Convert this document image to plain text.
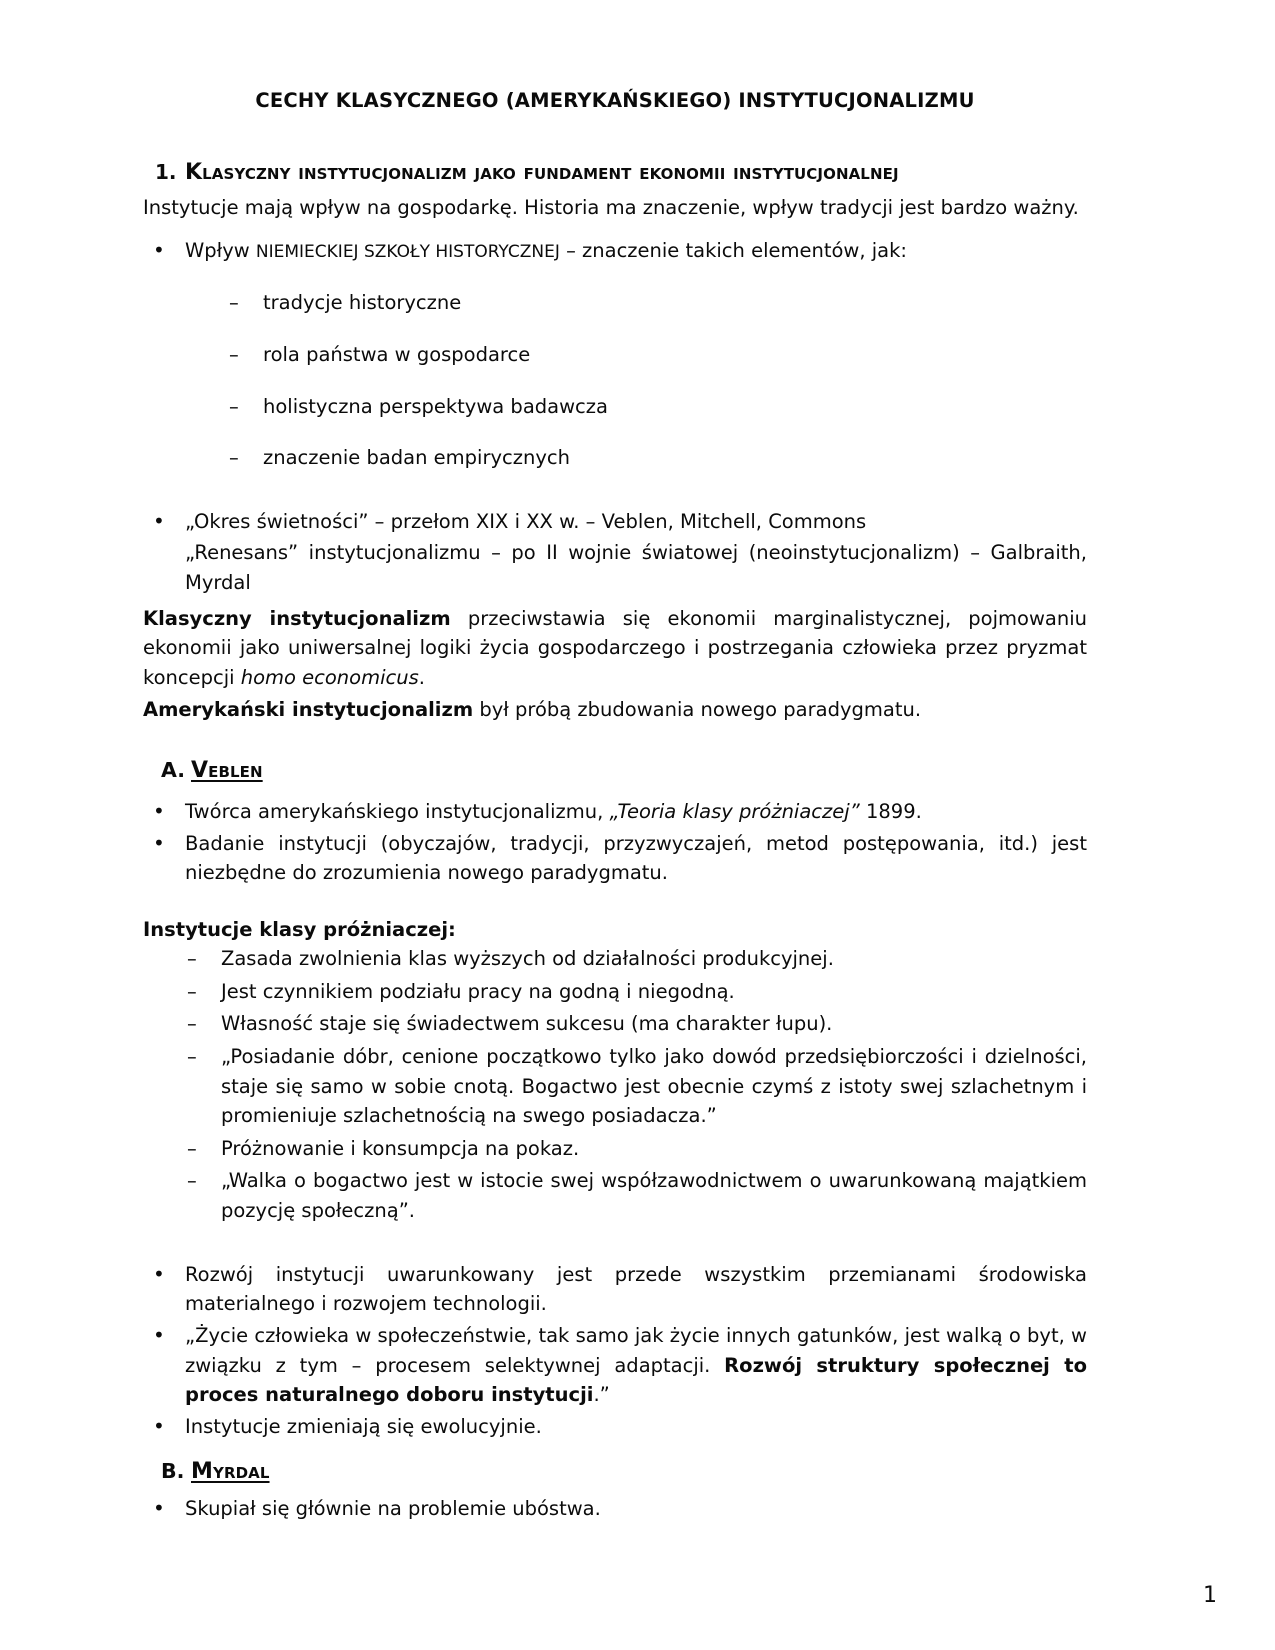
CECHY KLASYCZNEGO (AMERYKAŃSKIEGO) INSTYTUCJONALIZMU
1. Klasyczny instytucjonalizm jako fundament ekonomii instytucjonalnej

Instytucje mają wpływ na gospodarkę. Historia ma znaczenie, wpływ tradycji jest bardzo ważny.

• Wpływ NIEMIECKIEJ SZKOŁY HISTORYCZNEJ – znaczenie takich elementów, jak:
– tradycje historyczne
– rola państwa w gospodarce
– holistyczna perspektywa badawcza
– znaczenie badan empirycznych
• „Okres świetności” – przełom XIX i XX w. – Veblen, Mitchell, Commons

„Renesans” instytucjonalizmu – po II wojnie światowej (neoinstytucjonalizm) – Galbraith, Myrdal

Klasyczny instytucjonalizm przeciwstawia się ekonomii marginalistycznej, pojmowaniu ekonomii jako uniwersalnej logiki życia gospodarczego i postrzegania człowieka przez pryzmat koncepcji homo economicus.

Amerykański instytucjonalizm był próbą zbudowania nowego paradygmatu.

A. Veblen
• Twórca amerykańskiego instytucjonalizmu, „Teoria klasy próżniaczej” 1899.
• Badanie instytucji (obyczajów, tradycji, przyzwyczajeń, metod postępowania, itd.) jest niezbędne do zrozumienia nowego paradygmatu.
Instytucje klasy próżniaczej:
– Zasada zwolnienia klas wyższych od działalności produkcyjnej.
– Jest czynnikiem podziału pracy na godną i niegodną.
– Własność staje się świadectwem sukcesu (ma charakter łupu).
– „Posiadanie dóbr, cenione początkowo tylko jako dowód przedsiębiorczości i dzielności, staje się samo w sobie cnotą. Bogactwo jest obecnie czymś z istoty swej szlachetnym i promieniuje szlachetnością na swego posiadacza.”
– Próżnowanie i konsumpcja na pokaz.
– „Walka o bogactwo jest w istocie swej współzawodnictwem o uwarunkowaną majątkiem pozycję społeczną”.
• Rozwój instytucji uwarunkowany jest przede wszystkim przemianami środowiska materialnego i rozwojem technologii.
• „Życie człowieka w społeczeństwie, tak samo jak życie innych gatunków, jest walką o byt, w związku z tym – procesem selektywnej adaptacji. Rozwój struktury społecznej to proces naturalnego doboru instytucji.”
• Instytucje zmieniają się ewolucyjnie.
B. Myrdal
• Skupiał się głównie na problemie ubóstwa.
1
